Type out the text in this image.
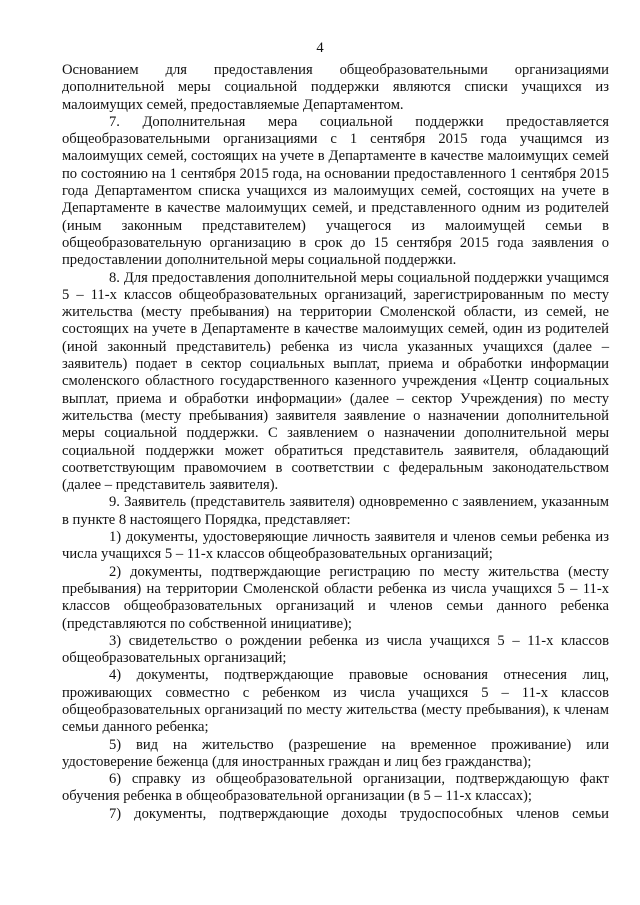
4

Основанием для предоставления общеобразовательными организациями дополнительной меры социальной поддержки являются списки учащихся из малоимущих семей, предоставляемые Департаментом.

7. Дополнительная мера социальной поддержки предоставляется общеобразовательными организациями с 1 сентября 2015 года учащимся из малоимущих семей, состоящих на учете в Департаменте в качестве малоимущих семей по состоянию на 1 сентября 2015 года, на основании предоставленного 1 сентября 2015 года Департаментом списка учащихся из малоимущих семей, состоящих на учете в Департаменте в качестве малоимущих семей, и представленного одним из родителей (иным законным представителем) учащегося из малоимущей семьи в общеобразовательную организацию в срок до 15 сентября 2015 года заявления о предоставлении дополнительной меры социальной поддержки.

8. Для предоставления дополнительной меры социальной поддержки учащимся 5 – 11-х классов общеобразовательных организаций, зарегистрированным по месту жительства (месту пребывания) на территории Смоленской области, из семей, не состоящих на учете в Департаменте в качестве малоимущих семей, один из родителей (иной законный представитель) ребенка из числа указанных учащихся (далее – заявитель) подает в сектор социальных выплат, приема и обработки информации смоленского областного государственного казенного учреждения «Центр социальных выплат, приема и обработки информации» (далее – сектор Учреждения) по месту жительства (месту пребывания) заявителя заявление о назначении дополнительной меры социальной поддержки. С заявлением о назначении дополнительной меры социальной поддержки может обратиться представитель заявителя, обладающий соответствующим правомочием в соответствии с федеральным законодательством (далее – представитель заявителя).

9. Заявитель (представитель заявителя) одновременно с заявлением, указанным в пункте 8 настоящего Порядка, представляет:

1) документы, удостоверяющие личность заявителя и членов семьи ребенка из числа учащихся 5 – 11-х классов общеобразовательных организаций;

2) документы, подтверждающие регистрацию по месту жительства (месту пребывания) на территории Смоленской области ребенка из числа учащихся 5 – 11-х классов общеобразовательных организаций и членов семьи данного ребенка (представляются по собственной инициативе);

3) свидетельство о рождении ребенка из числа учащихся 5 – 11-х классов общеобразовательных организаций;

4) документы, подтверждающие правовые основания отнесения лиц, проживающих совместно с ребенком из числа учащихся 5 – 11-х классов общеобразовательных организаций по месту жительства (месту пребывания), к членам семьи данного ребенка;

5) вид на жительство (разрешение на временное проживание) или удостоверение беженца (для иностранных граждан и лиц без гражданства);

6) справку из общеобразовательной организации, подтверждающую факт обучения ребенка в общеобразовательной организации (в 5 – 11-х классах);

7) документы, подтверждающие доходы трудоспособных членов семьи
